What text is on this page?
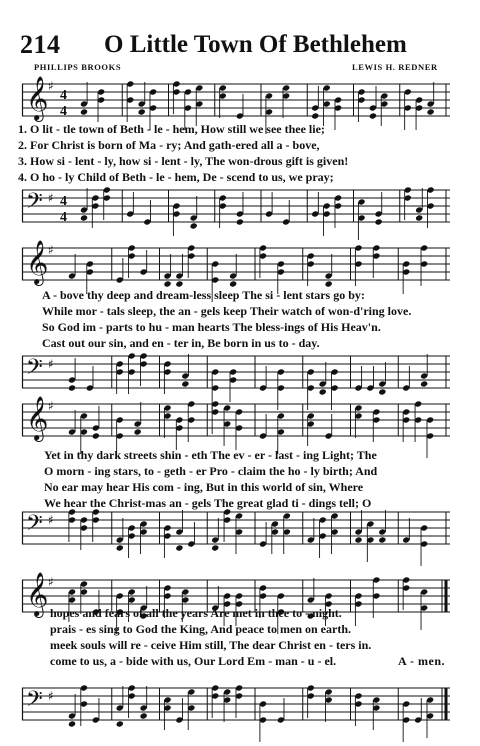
214 O Little Town Of Bethlehem
PHILLIPS BROOKS	LEWIS H. REDNER
𝄞 ♯
4
4
1. O lit - tle town of Beth - le - hem, How still we see thee lie;
2. For Christ is born of Ma - ry; And gath-ered all a - bove,
3. How si - lent - ly, how si - lent - ly, The won-drous gift is given!
4. O ho - ly Child of Beth - le - hem, De - scend to us, we pray;
𝄢 ♯ 4
4
𝄞 ♯
A - bove thy deep and dream-less sleep The si - lent stars go by:
While mor - tals sleep, the an - gels keep Their watch of won-d'ring love.
So God im - parts to hu - man hearts The bless-ings of His Heav'n.
Cast out our sin, and en - ter in, Be born in us to - day.
𝄢 ♯
𝄞 ♯
Yet in thy dark streets shin - eth The ev - er - last - ing Light; The
O morn - ing stars, to - geth - er Pro - claim the ho - ly birth; And
No ear may hear His com - ing, But in this world of sin, Where
We hear the Christ-mas an - gels The great glad ti - dings tell; O
𝄢 ♯
𝄞 ♯
hopes and fears of all the years Are met in thee to - night.
prais - es sing to God the King, And peace to men on earth.
meek souls will re - ceive Him still, The dear Christ en - ters in.
come to us, a - bide with us, Our Lord Em - man - u - el.	A - men.
𝄢 ♯
